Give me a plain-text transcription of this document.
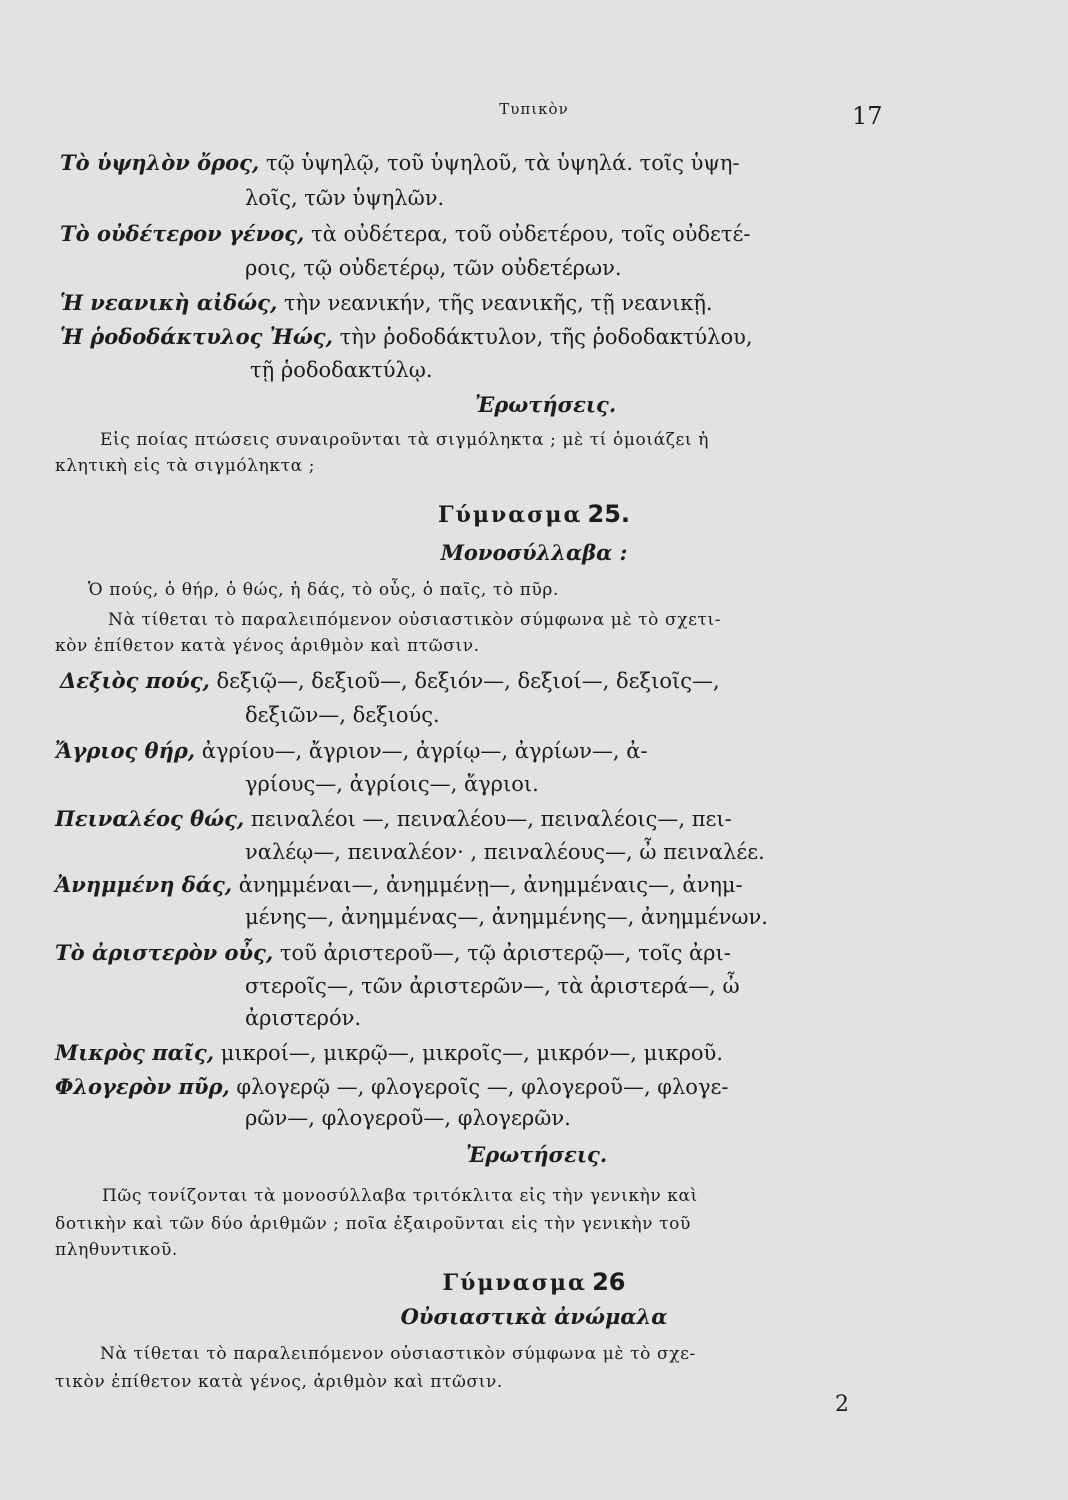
Τυπικὸν	17
Τὸ ὑψηλὸν ὄρος, τῷ ὑψηλῷ, τοῦ ὑψηλοῦ, τὰ ὑψηλά. τοῖς ὑψη-
λοῖς, τῶν ὑψηλῶν.
Τὸ οὐδέτερον γένος, τὰ οὐδέτερα, τοῦ οὐδετέρου, τοῖς οὐδετέ-
ροις, τῷ οὐδετέρῳ, τῶν οὐδετέρων.
Ἡ νεανικὴ αἰδώς, τὴν νεανικήν, τῆς νεανικῆς, τῇ νεανικῇ.
Ἡ ῥοδοδάκτυλος Ἠώς, τὴν ῥοδοδάκτυλον, τῆς ῥοδοδακτύλου,
τῇ ῥοδοδακτύλῳ.
Ἐρωτήσεις.
Εἰς ποίας πτώσεις συναιροῦνται τὰ σιγμόληκτα ; μὲ τί ὁμοιάζει ἡ
κλητικὴ εἰς τὰ σιγμόληκτα ;
Γύμνασμα 25.
Μονοσύλλαβα :
Ὁ πούς, ὁ θήρ, ὁ θώς, ἡ δάς, τὸ οὖς, ὁ παῖς, τὸ πῦρ.
Νὰ τίθεται τὸ παραλειπόμενον οὐσιαστικὸν σύμφωνα μὲ τὸ σχετι-
κὸν ἐπίθετον κατὰ γένος ἀριθμὸν καὶ πτῶσιν.
Δεξιὸς πούς, δεξιῷ—, δεξιοῦ—, δεξιόν—, δεξιοί—, δεξιοῖς—,
δεξιῶν—, δεξιούς.
Ἄγριος θήρ, ἀγρίου—, ἄγριον—, ἀγρίῳ—, ἀγρίων—, ἀ-
γρίους—, ἀγρίοις—, ἄγριοι.
Πειναλέος θώς, πειναλέοι —, πειναλέου—, πειναλέοις—, πει-
ναλέῳ—, πειναλέον· , πειναλέους—, ὦ πειναλέε.
Ἀνημμένη δάς, ἀνημμέναι—, ἀνημμένῃ—, ἀνημμέναις—, ἀνημ-
μένης—, ἀνημμένας—, ἀνημμένης—, ἀνημμένων.
Τὸ ἀριστερὸν οὖς, τοῦ ἀριστεροῦ—, τῷ ἀριστερῷ—, τοῖς ἀρι-
στεροῖς—, τῶν ἀριστερῶν—, τὰ ἀριστερά—, ὦ
ἀριστερόν.
Μικρὸς παῖς, μικροί—, μικρῷ—, μικροῖς—, μικρόν—, μικροῦ.
Φλογερὸν πῦρ, φλογερῷ —, φλογεροῖς —, φλογεροῦ—, φλογε-
ρῶν—, φλογεροῦ—, φλογερῶν.
Ἐρωτήσεις.
Πῶς τονίζονται τὰ μονοσύλλαβα τριτόκλιτα εἰς τὴν γενικὴν καὶ
δοτικὴν καὶ τῶν δύο ἀριθμῶν ; ποῖα ἐξαιροῦνται εἰς τὴν γενικὴν τοῦ
πληθυντικοῦ.
Γύμνασμα 26
Οὐσιαστικὰ ἀνώμαλα
Νὰ τίθεται τὸ παραλειπόμενον οὐσιαστικὸν σύμφωνα μὲ τὸ σχε-
τικὸν ἐπίθετον κατὰ γένος, ἀριθμὸν καὶ πτῶσιν.
2
